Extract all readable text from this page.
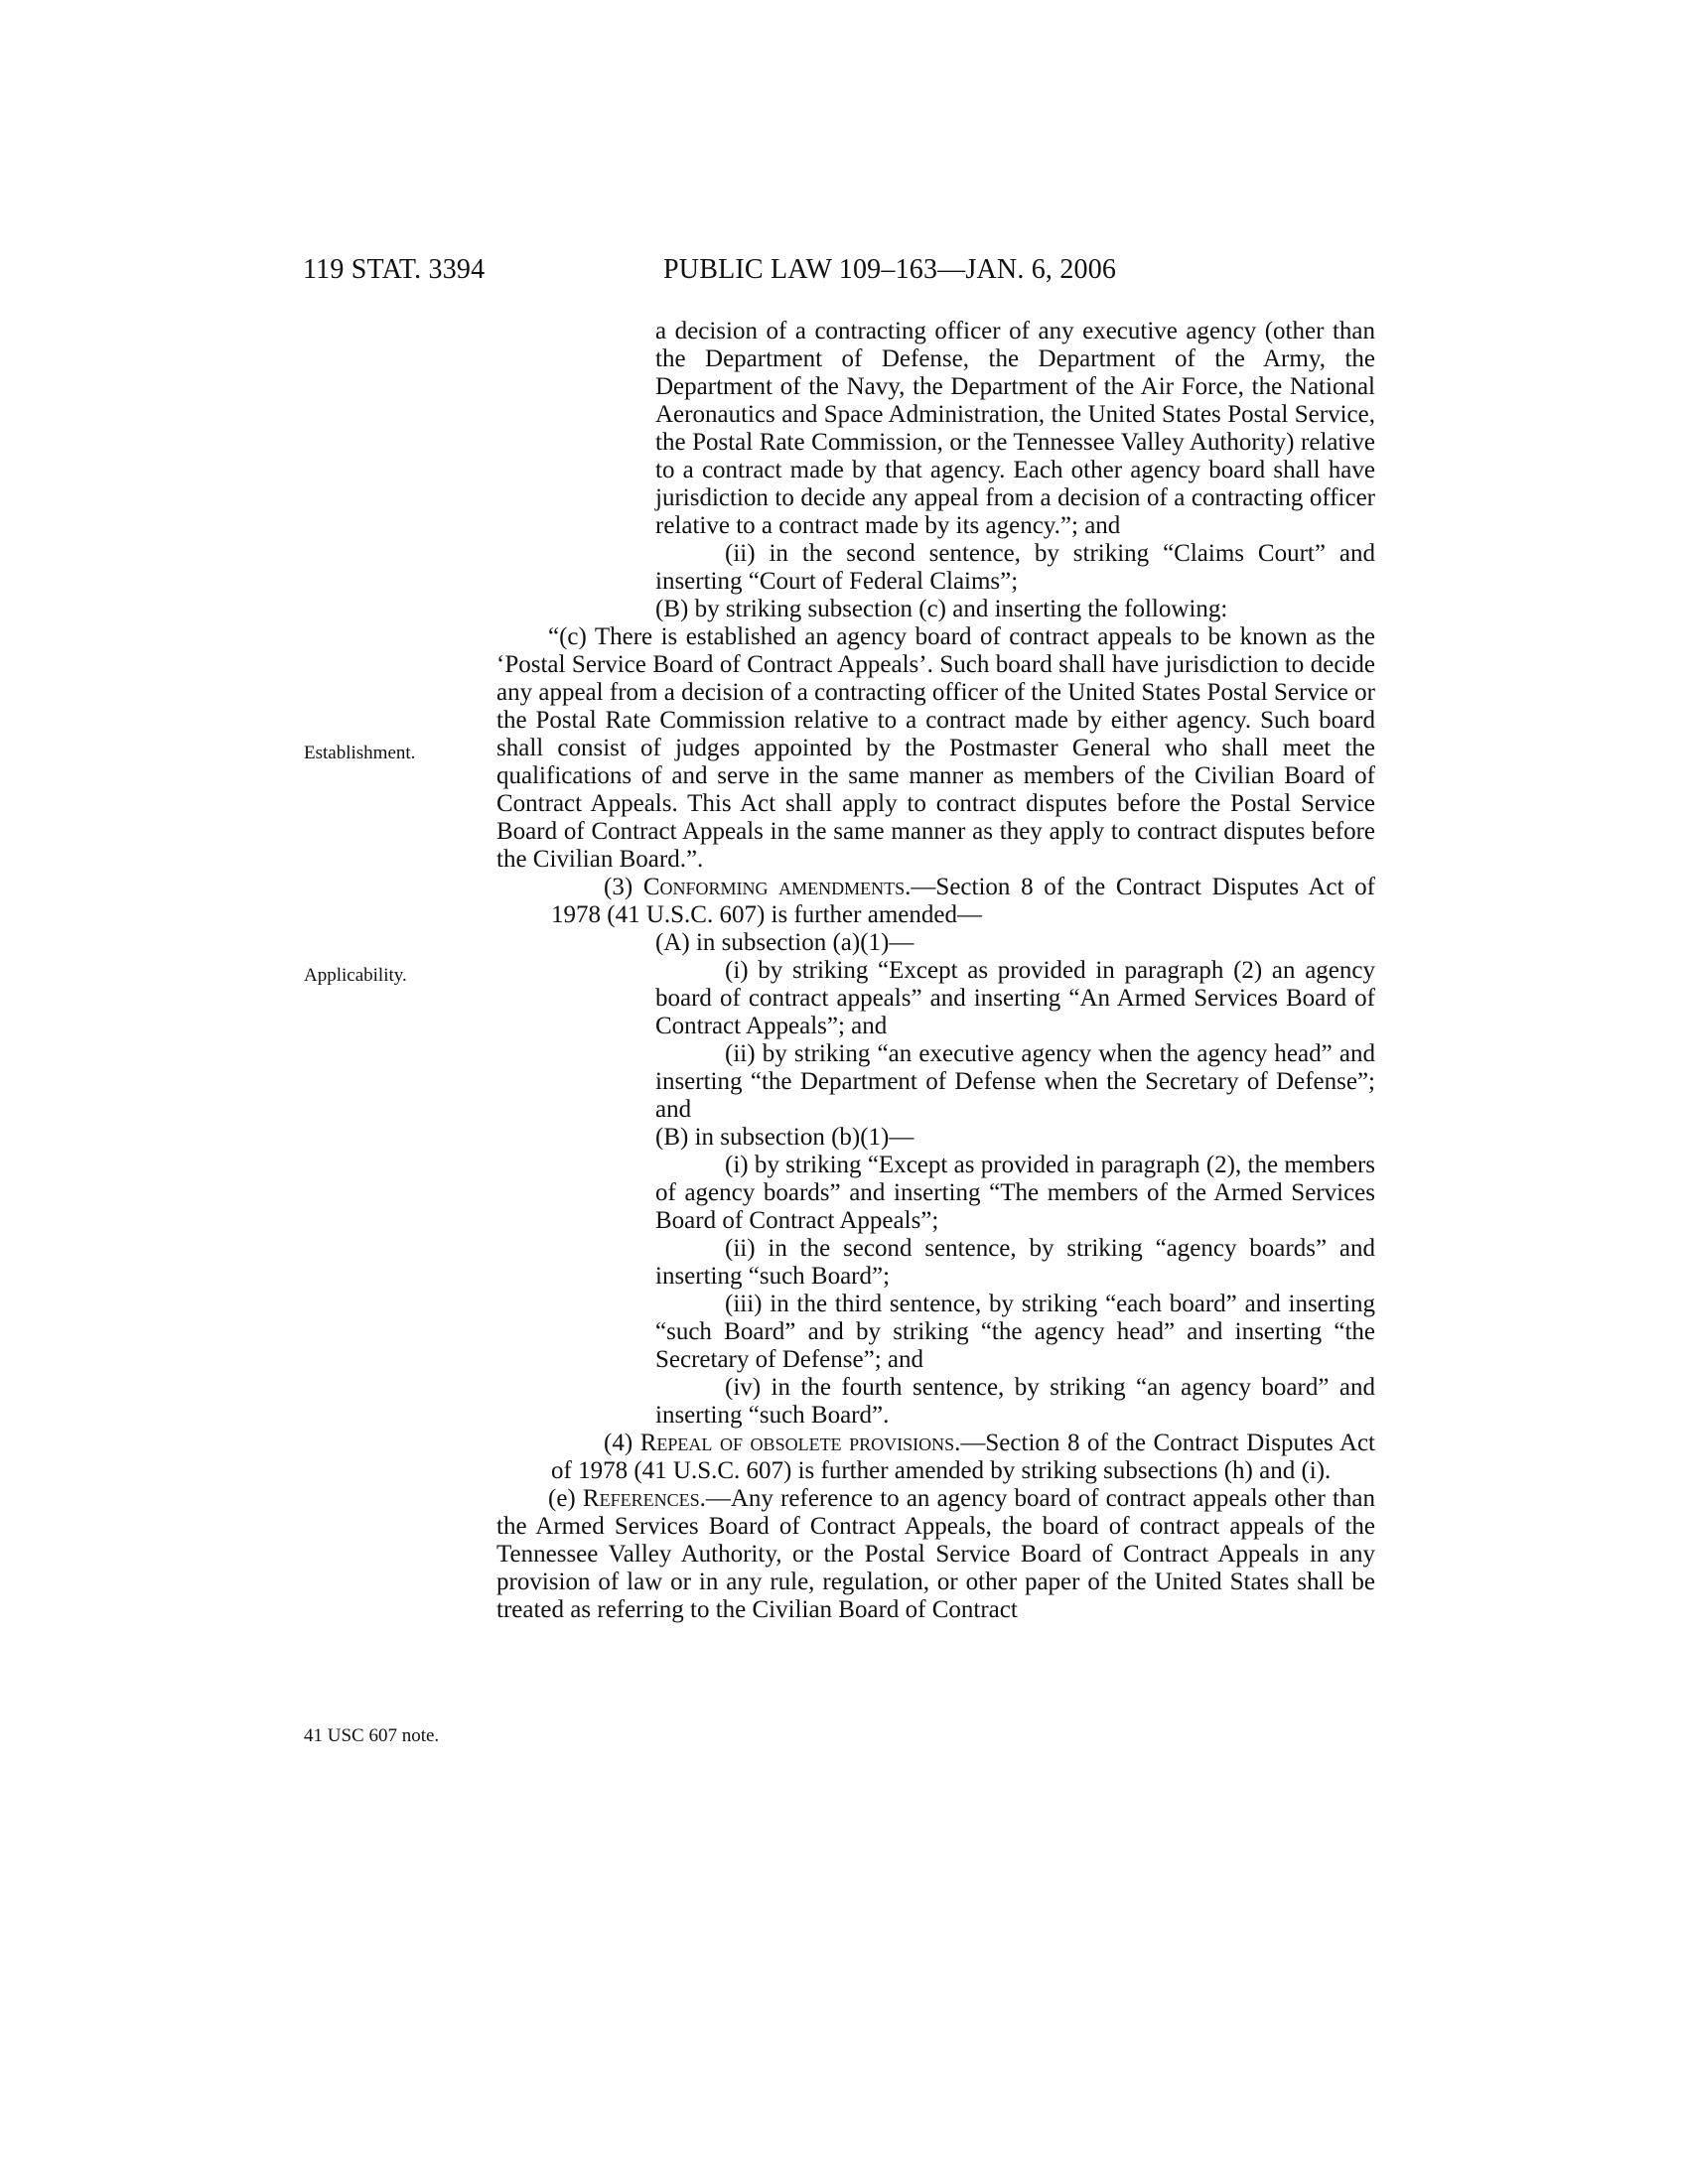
119 STAT. 3394	PUBLIC LAW 109–163—JAN. 6, 2006
Establishment.
Applicability.
41 USC 607 note.

a decision of a contracting officer of any executive agency (other than the Department of Defense, the Department of the Army, the Department of the Navy, the Department of the Air Force, the National Aeronautics and Space Administration, the United States Postal Service, the Postal Rate Commission, or the Tennessee Valley Authority) relative to a contract made by that agency. Each other agency board shall have jurisdiction to decide any appeal from a decision of a contracting officer relative to a contract made by its agency.”; and

(ii) in the second sentence, by striking “Claims Court” and inserting “Court of Federal Claims”;

(B) by striking subsection (c) and inserting the following:

“(c) There is established an agency board of contract appeals to be known as the ‘Postal Service Board of Contract Appeals’. Such board shall have jurisdiction to decide any appeal from a decision of a contracting officer of the United States Postal Service or the Postal Rate Commission relative to a contract made by either agency. Such board shall consist of judges appointed by the Postmaster General who shall meet the qualifications of and serve in the same manner as members of the Civilian Board of Contract Appeals. This Act shall apply to contract disputes before the Postal Service Board of Contract Appeals in the same manner as they apply to contract disputes before the Civilian Board.”.

(3) Conforming amendments.—Section 8 of the Contract Disputes Act of 1978 (41 U.S.C. 607) is further amended—

(A) in subsection (a)(1)—

(i) by striking “Except as provided in paragraph (2) an agency board of contract appeals” and inserting “An Armed Services Board of Contract Appeals”; and

(ii) by striking “an executive agency when the agency head” and inserting “the Department of Defense when the Secretary of Defense”; and

(B) in subsection (b)(1)—

(i) by striking “Except as provided in paragraph (2), the members of agency boards” and inserting “The members of the Armed Services Board of Contract Appeals”;

(ii) in the second sentence, by striking “agency boards” and inserting “such Board”;

(iii) in the third sentence, by striking “each board” and inserting “such Board” and by striking “the agency head” and inserting “the Secretary of Defense”; and

(iv) in the fourth sentence, by striking “an agency board” and inserting “such Board”.

(4) Repeal of obsolete provisions.—Section 8 of the Contract Disputes Act of 1978 (41 U.S.C. 607) is further amended by striking subsections (h) and (i).

(e) References.—Any reference to an agency board of contract appeals other than the Armed Services Board of Contract Appeals, the board of contract appeals of the Tennessee Valley Authority, or the Postal Service Board of Contract Appeals in any provision of law or in any rule, regulation, or other paper of the United States shall be treated as referring to the Civilian Board of Contract
